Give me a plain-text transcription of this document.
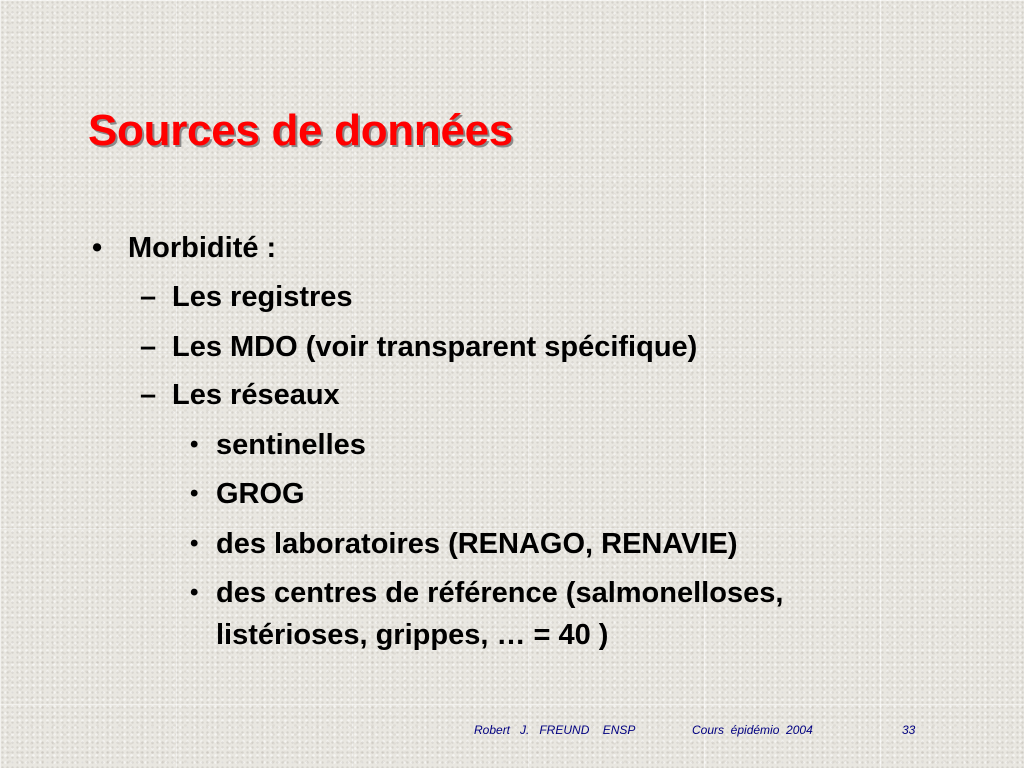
Sources de données
• Morbidité :
– Les registres
– Les MDO (voir transparent spécifique)
– Les réseaux
• sentinelles
• GROG
• des laboratoires (RENAGO, RENAVIE)
• des centres de référence (salmonelloses,
listérioses, grippes, … = 40 )
Robert   J.   FREUND    ENSP	Cours  épidémio  2004	33
